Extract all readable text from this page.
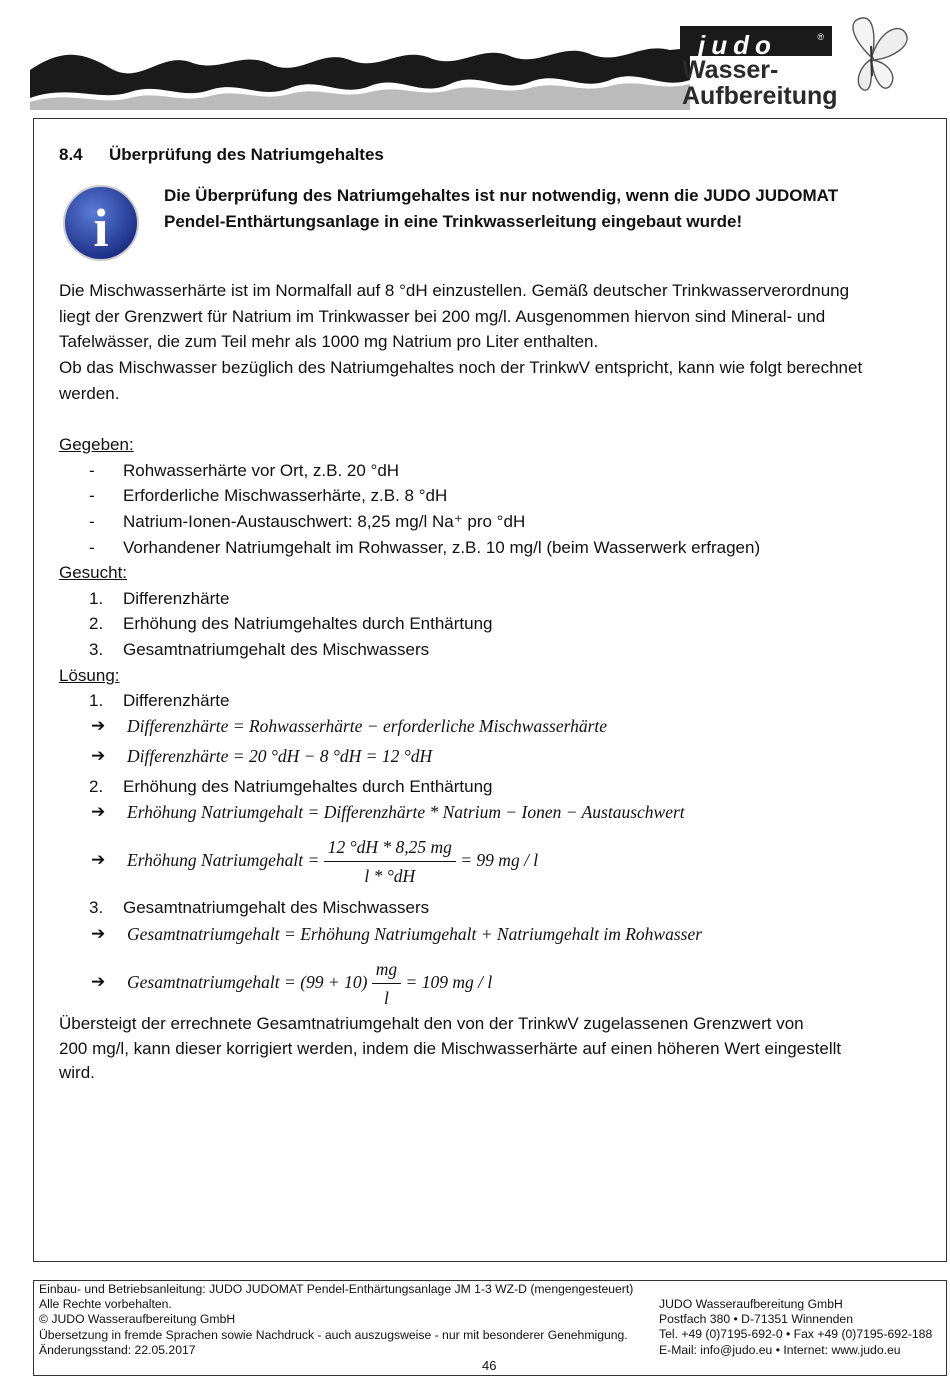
judo	®
Wasser-
Aufbereitung
8.4 Überprüfung des Natriumgehaltes
i
Die Überprüfung des Natriumgehaltes ist nur notwendig, wenn die JUDO JUDOMAT Pendel-Enthärtungsanlage in eine Trinkwasserleitung eingebaut wurde!
Die Mischwasserhärte ist im Normalfall auf 8 °dH einzustellen. Gemäß deutscher Trinkwasserverordnung
liegt der Grenzwert für Natrium im Trinkwasser bei 200 mg/l. Ausgenommen hiervon sind Mineral- und
Tafelwässer, die zum Teil mehr als 1000 mg Natrium pro Liter enthalten.
Ob das Mischwasser bezüglich des Natriumgehaltes noch der TrinkwV entspricht, kann wie folgt berechnet
werden.
Gegeben:
- Rohwasserhärte vor Ort, z.B. 20 °dH
- Erforderliche Mischwasserhärte, z.B. 8 °dH
- Natrium-Ionen-Austauschwert: 8,25 mg/l Na⁺ pro °dH
- Vorhandener Natriumgehalt im Rohwasser, z.B. 10 mg/l (beim Wasserwerk erfragen)
Gesucht:
1. Differenzhärte
2. Erhöhung des Natriumgehaltes durch Enthärtung
3. Gesamtnatriumgehalt des Mischwassers
Lösung:
1. Differenzhärte
➔ Differenzhärte = Rohwasserhärte − erforderliche Mischwasserhärte
➔ Differenzhärte = 20 °dH − 8 °dH = 12 °dH
2. Erhöhung des Natriumgehaltes durch Enthärtung
➔ Erhöhung Natriumgehalt = Differenzhärte * Natrium − Ionen − Austauschwert
➔ Erhöhung Natriumgehalt = $\frac{12 ^\circ dH * 8,25 mg}{l * ^\circ dH} = 99$ mg / l
3. Gesamtnatriumgehalt des Mischwassers
➔ Gesamtnatriumgehalt = Erhöhung Natriumgehalt + Natriumgehalt im Rohwasser
➔ Gesamtnatriumgehalt = $(99 + 10) \frac{mg}{l} = 109$ mg / l
Übersteigt der errechnete Gesamtnatriumgehalt den von der TrinkwV zugelassenen Grenzwert von
200 mg/l, kann dieser korrigiert werden, indem die Mischwasserhärte auf einen höheren Wert eingestellt
wird.
Einbau- und Betriebsanleitung: JUDO JUDOMAT Pendel-Enthärtungsanlage JM 1-3 WZ-D (mengengesteuert)
Alle Rechte vorbehalten.
© JUDO Wasseraufbereitung GmbH
Übersetzung in fremde Sprachen sowie Nachdruck - auch auszugsweise - nur mit besonderer Genehmigung.
Änderungsstand: 22.05.2017
JUDO Wasseraufbereitung GmbH
Postfach 380 • D-71351 Winnenden
Tel. +49 (0)7195-692-0 • Fax +49 (0)7195-692-188
E-Mail: info@judo.eu • Internet: www.judo.eu
46
